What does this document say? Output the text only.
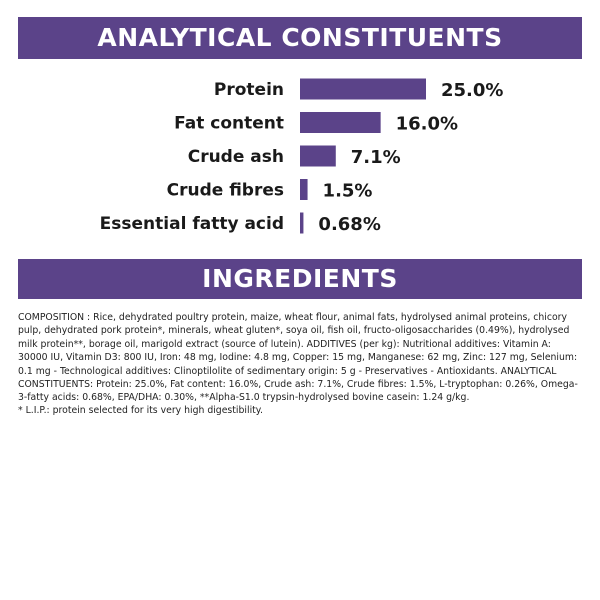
ANALYTICAL CONSTITUENTS
Protein	25.0%
Fat content	16.0%
Crude ash	7.1%
Crude fibres 1.5%
Essential fatty acid 0.68%
INGREDIENTS

COMPOSITION : Rice, dehydrated poultry protein, maize, wheat flour, animal fats, hydrolysed animal proteins, chicory pulp, dehydrated pork protein*, minerals, wheat gluten*, soya oil, fish oil, fructo-oligosaccharides (0.49%), hydrolysed milk protein**, borage oil, marigold extract (source of lutein). ADDITIVES (per kg): Nutritional additives: Vitamin A: 30000 IU, Vitamin D3: 800 IU, Iron: 48 mg, Iodine: 4.8 mg, Copper: 15 mg, Manganese: 62 mg, Zinc: 127 mg, Selenium: 0.1 mg - Technological additives: Clinoptilolite of sedimentary origin: 5 g - Preservatives - Antioxidants. ANALYTICAL CONSTITUENTS: Protein: 25.0%, Fat content: 16.0%, Crude ash: 7.1%, Crude fibres: 1.5%, L-tryptophan: 0.26%, Omega-3-fatty acids: 0.68%, EPA/DHA: 0.30%, **Alpha-S1.0 trypsin-hydrolysed bovine casein: 1.24 g/kg.

* L.I.P.: protein selected for its very high digestibility.
